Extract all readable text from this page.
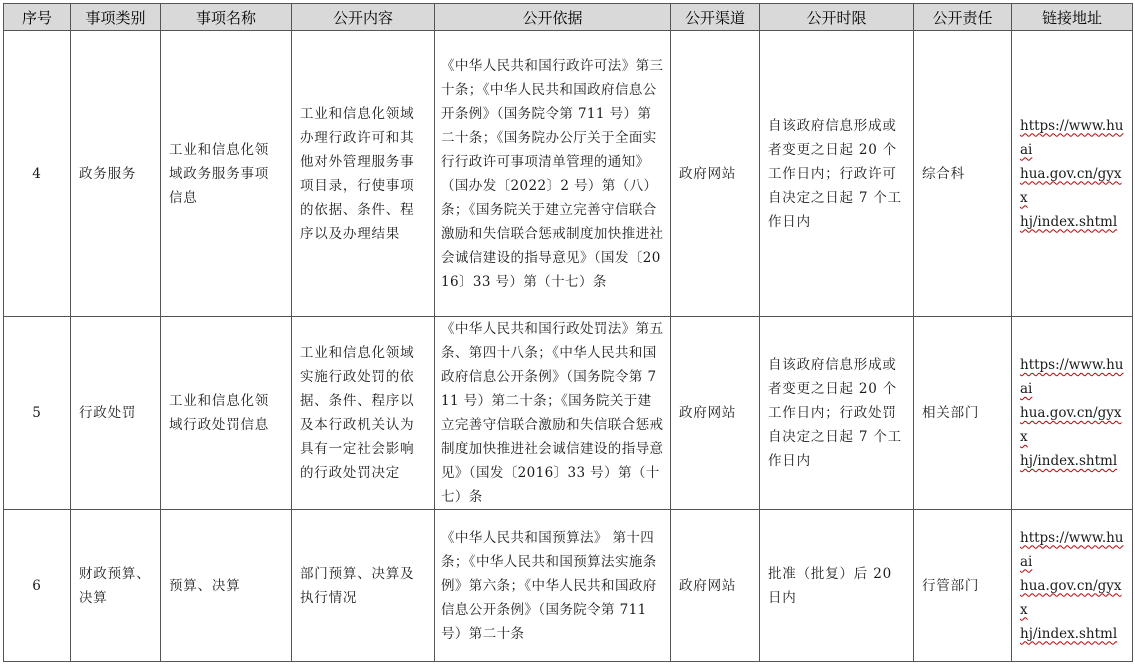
序号	事项类别	事项名称	公开内容	公开依据	公开渠道	公开时限	公开责任	链接地址
4	政务服务	工业和信息化领域政务服务事项信息	工业和信息化领域办理行政许可和其他对外管理服务事项目录，行使事项的依据、条件、程序以及办理结果	《中华人民共和国行政许可法》第三十条；《中华人民共和国政府信息公开条例》（国务院令第 711 号）第二十条；《国务院办公厅关于全面实行行政许可事项清单管理的通知》（国办发〔2022〕2 号）第（八）条；《国务院关于建立完善守信联合激励和失信联合惩戒制度加快推进社会诚信建设的指导意见》（国发〔2016〕33 号）第（十七）条	政府网站	自该政府信息形成或者变更之日起 20 个工作日内；行政许可自决定之日起 7 个工作日内	综合科	https://www.huai
hua.gov.cn/gyxx
hj/index.shtml
5	行政处罚	工业和信息化领域行政处罚信息	工业和信息化领域实施行政处罚的依据、条件、程序以及本行政机关认为具有一定社会影响的行政处罚决定	《中华人民共和国行政处罚法》第五条、第四十八条；《中华人民共和国政府信息公开条例》（国务院令第 711 号）第二十条；《国务院关于建立完善守信联合激励和失信联合惩戒制度加快推进社会诚信建设的指导意见》（国发〔2016〕33 号）第（十七）条	政府网站	自该政府信息形成或者变更之日起 20 个工作日内；行政处罚自决定之日起 7 个工作日内	相关部门	https://www.huai
hua.gov.cn/gyxx
hj/index.shtml
6	财政预算、决算	预算、决算	部门预算、决算及执行情况	《中华人民共和国预算法》 第十四条；《中华人民共和国预算法实施条例》第六条；《中华人民共和国政府信息公开条例》（国务院令第 711 号）第二十条	政府网站	批准（批复）后 20 日内	行管部门	https://www.huai
hua.gov.cn/gyxx
hj/index.shtml
